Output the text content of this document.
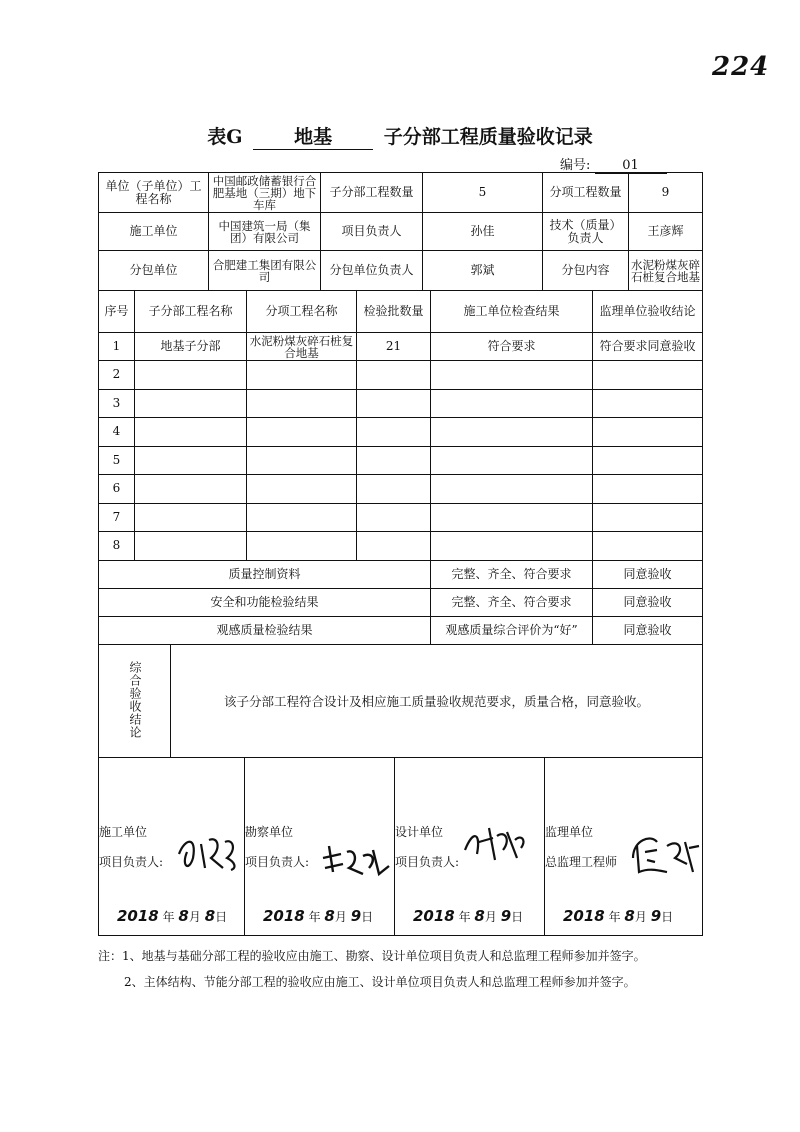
224
表G	地基	子分部工程质量验收记录
编号: 01
单位（子单位）工程名称	中国邮政储蓄银行合肥基地（三期）地下车库	子分部工程数量	5	分项工程数量	9
施工单位	中国建筑一局（集团）有限公司	项目负责人	孙佳	技术（质量）负责人	王彦辉
分包单位	合肥建工集团有限公司	分包单位负责人	郭斌	分包内容	水泥粉煤灰碎石桩复合地基
序号	子分部工程名称	分项工程名称	检验批数量	施工单位检查结果	监理单位验收结论
1	地基子分部	水泥粉煤灰碎石桩复合地基	21	符合要求	符合要求同意验收
2					
3					
4					
5					
6					
7					
8					
质量控制资料				完整、齐全、符合要求	同意验收
安全和功能检验结果				完整、齐全、符合要求	同意验收
观感质量检验结果				观感质量综合评价为“好”	同意验收
综合验收结论	该子分部工程符合设计及相应施工质量验收规范要求，质量合格，同意验收。
施工单位
项目负责人:
2018 年 8月 8日

勘察单位
项目负责人:
2018 年 8月 9日

设计单位
项目负责人:
2018 年 8月 9日

监理单位
总监理工程师
2018 年 8月 9日

注：1、地基与基础分部工程的验收应由施工、勘察、设计单位项目负责人和总监理工程师参加并签字。

2、主体结构、节能分部工程的验收应由施工、设计单位项目负责人和总监理工程师参加并签字。
